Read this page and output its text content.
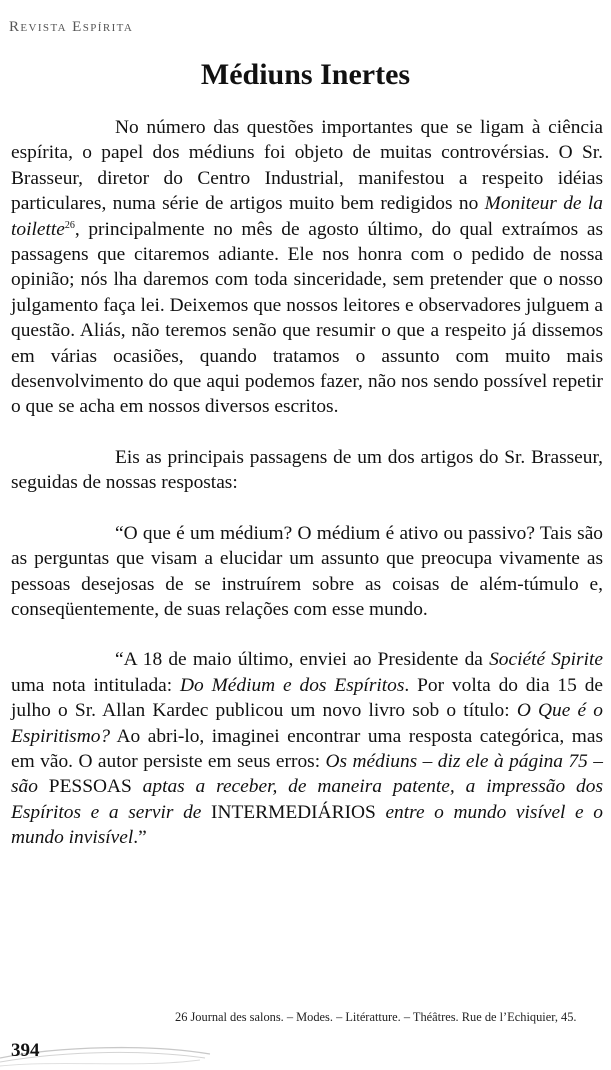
Revista Espírita
Médiuns Inertes

No número das questões importantes que se ligam à ciência espírita, o papel dos médiuns foi objeto de muitas controvérsias. O Sr. Brasseur, diretor do Centro Industrial, manifestou a respeito idéias particulares, numa série de artigos muito bem redigidos no Moniteur de la toilette$^{26}$, principalmente no mês de agosto último, do qual extraímos as passagens que citaremos adiante. Ele nos honra com o pedido de nossa opinião; nós lha daremos com toda sinceridade, sem pretender que o nosso julgamento faça lei. Deixemos que nossos leitores e observadores julguem a questão. Aliás, não teremos senão que resumir o que a respeito já dissemos em várias ocasiões, quando tratamos o assunto com muito mais desenvolvimento do que aqui podemos fazer, não nos sendo possível repetir o que se acha em nossos diversos escritos.

Eis as principais passagens de um dos artigos do Sr. Brasseur, seguidas de nossas respostas:

“O que é um médium? O médium é ativo ou passivo? Tais são as perguntas que visam a elucidar um assunto que preocupa vivamente as pessoas desejosas de se instruírem sobre as coisas de além-túmulo e, conseqüentemente, de suas relações com esse mundo.

“A 18 de maio último, enviei ao Presidente da Société Spirite uma nota intitulada: Do Médium e dos Espíritos. Por volta do dia 15 de julho o Sr. Allan Kardec publicou um novo livro sob o título: O Que é o Espiritismo? Ao abri-lo, imaginei encontrar uma resposta categórica, mas em vão. O autor persiste em seus erros: Os médiuns – diz ele à página 75 – são PESSOAS aptas a receber, de maneira patente, a impressão dos Espíritos e a servir de INTERMEDIÁRIOS entre o mundo visível e o mundo invisível.”

26 Journal des salons. – Modes. – Litératture. – Théâtres. Rue de l’Echiquier, 45.
394
